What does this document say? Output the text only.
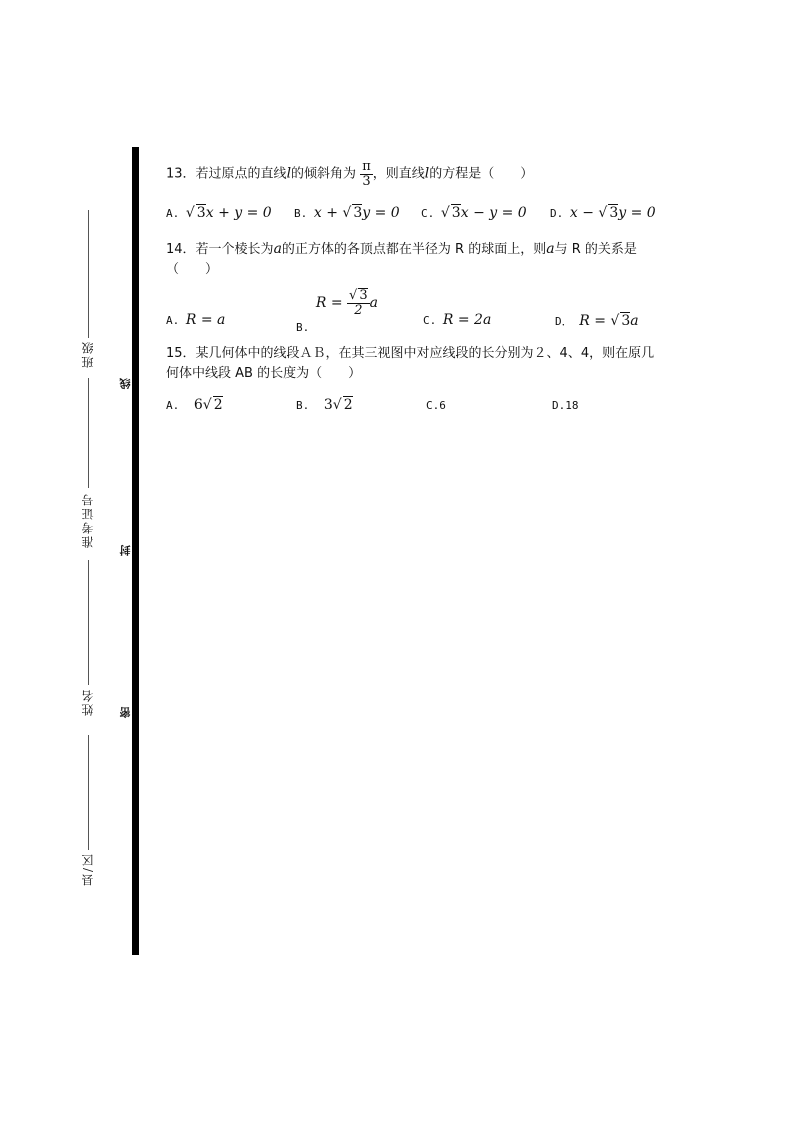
班级
准考证号
姓名
县/区
线
封
密
13．若过原点的直线l的倾斜角为 $\frac{\pi}{3}$ ，则直线l的方程是（　　）
A. √ 3x + y = 0 B. x + √ 3y = 0 C. √ 3x − y = 0 D. x − √ 3y = 0
14．若一个棱长为a的正方体的各顶点都在半径为 R 的球面上，则a与 R 的关系是
（　　）
A. R = a	B. $R = \frac{√ 3}{2}$ a
C. R = 2a	D． R = √ 3a
15．某几何体中的线段ＡＢ，在其三视图中对应线段的长分别为２、4、4，则在原几
何体中线段 AB 的长度为（　　）
A. 6√ 2	B. 3√ 2	C.6	D.18
